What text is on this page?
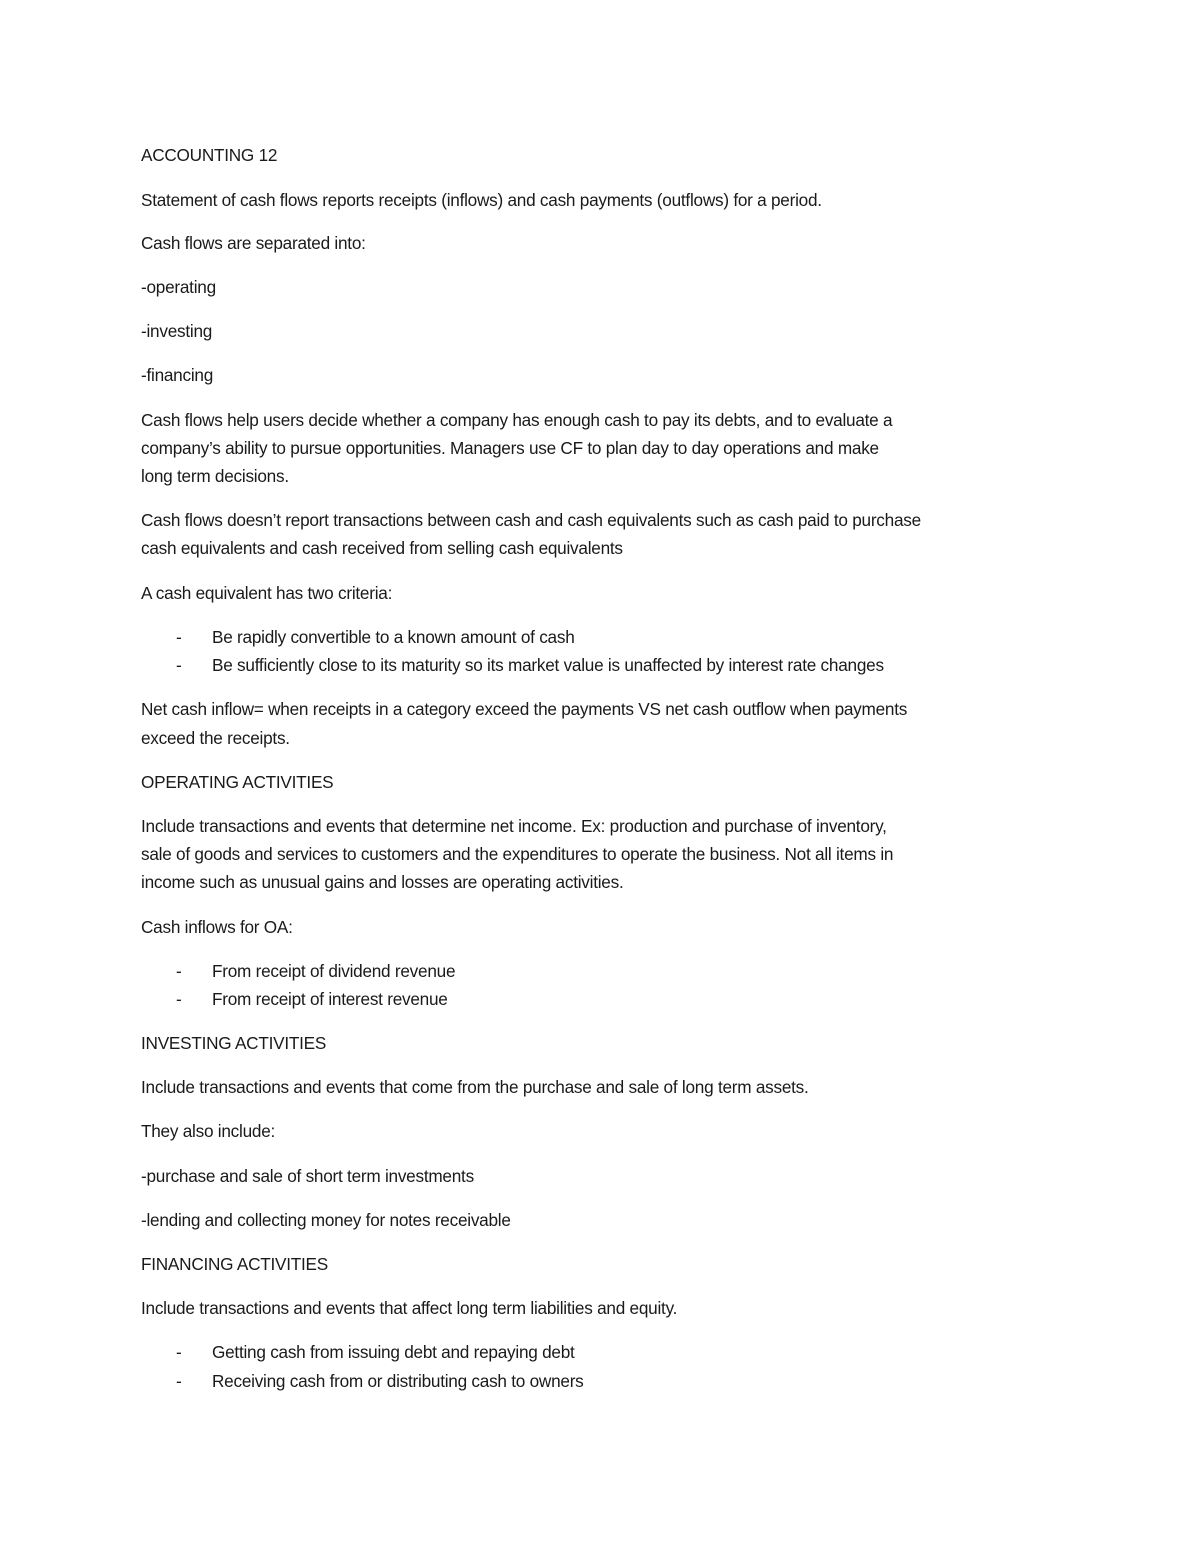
ACCOUNTING 12
Statement of cash flows reports receipts (inflows) and cash payments (outflows) for a period.
Cash flows are separated into:
-operating
-investing
-financing
Cash flows help users decide whether a company has enough cash to pay its debts, and to evaluate a
company’s ability to pursue opportunities. Managers use CF to plan day to day operations and make
long term decisions.
Cash flows doesn’t report transactions between cash and cash equivalents such as cash paid to purchase
cash equivalents and cash received from selling cash equivalents
A cash equivalent has two criteria:
- Be rapidly convertible to a known amount of cash
- Be sufficiently close to its maturity so its market value is unaffected by interest rate changes
Net cash inflow= when receipts in a category exceed the payments VS net cash outflow when payments
exceed the receipts.
OPERATING ACTIVITIES
Include transactions and events that determine net income. Ex: production and purchase of inventory,
sale of goods and services to customers and the expenditures to operate the business. Not all items in
income such as unusual gains and losses are operating activities.
Cash inflows for OA:
- From receipt of dividend revenue
- From receipt of interest revenue
INVESTING ACTIVITIES
Include transactions and events that come from the purchase and sale of long term assets.
They also include:
-purchase and sale of short term investments
-lending and collecting money for notes receivable
FINANCING ACTIVITIES
Include transactions and events that affect long term liabilities and equity.
- Getting cash from issuing debt and repaying debt
- Receiving cash from or distributing cash to owners
